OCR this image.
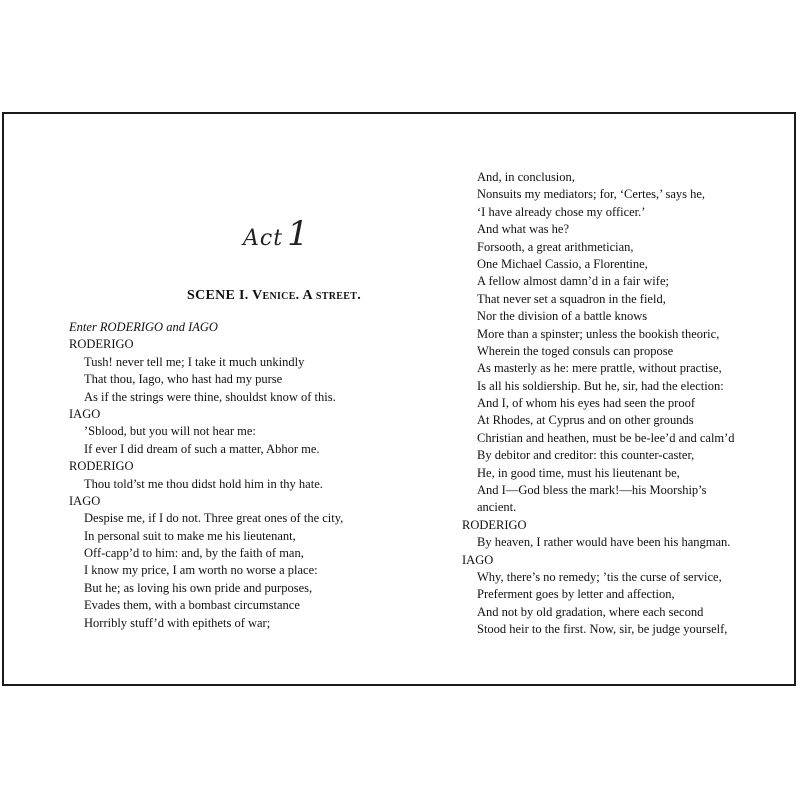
Act 1
SCENE I. Venice. A street.
Enter RODERIGO and IAGO
RODERIGO
Tush! never tell me; I take it much unkindly
That thou, Iago, who hast had my purse
As if the strings were thine, shouldst know of this.
IAGO
’Sblood, but you will not hear me:
If ever I did dream of such a matter, Abhor me.
RODERIGO
Thou told’st me thou didst hold him in thy hate.
IAGO
Despise me, if I do not. Three great ones of the city,
In personal suit to make me his lieutenant,
Off-capp’d to him: and, by the faith of man,
I know my price, I am worth no worse a place:
But he; as loving his own pride and purposes,
Evades them, with a bombast circumstance
Horribly stuff’d with epithets of war;
And, in conclusion,
Nonsuits my mediators; for, ‘Certes,’ says he,
‘I have already chose my officer.’
And what was he?
Forsooth, a great arithmetician,
One Michael Cassio, a Florentine,
A fellow almost damn’d in a fair wife;
That never set a squadron in the field,
Nor the division of a battle knows
More than a spinster; unless the bookish theoric,
Wherein the toged consuls can propose
As masterly as he: mere prattle, without practise,
Is all his soldiership. But he, sir, had the election:
And I, of whom his eyes had seen the proof
At Rhodes, at Cyprus and on other grounds
Christian and heathen, must be be-lee’d and calm’d
By debitor and creditor: this counter-caster,
He, in good time, must his lieutenant be,
And I—God bless the mark!—his Moorship’s
ancient.
RODERIGO
By heaven, I rather would have been his hangman.
IAGO
Why, there’s no remedy; ’tis the curse of service,
Preferment goes by letter and affection,
And not by old gradation, where each second
Stood heir to the first. Now, sir, be judge yourself,
